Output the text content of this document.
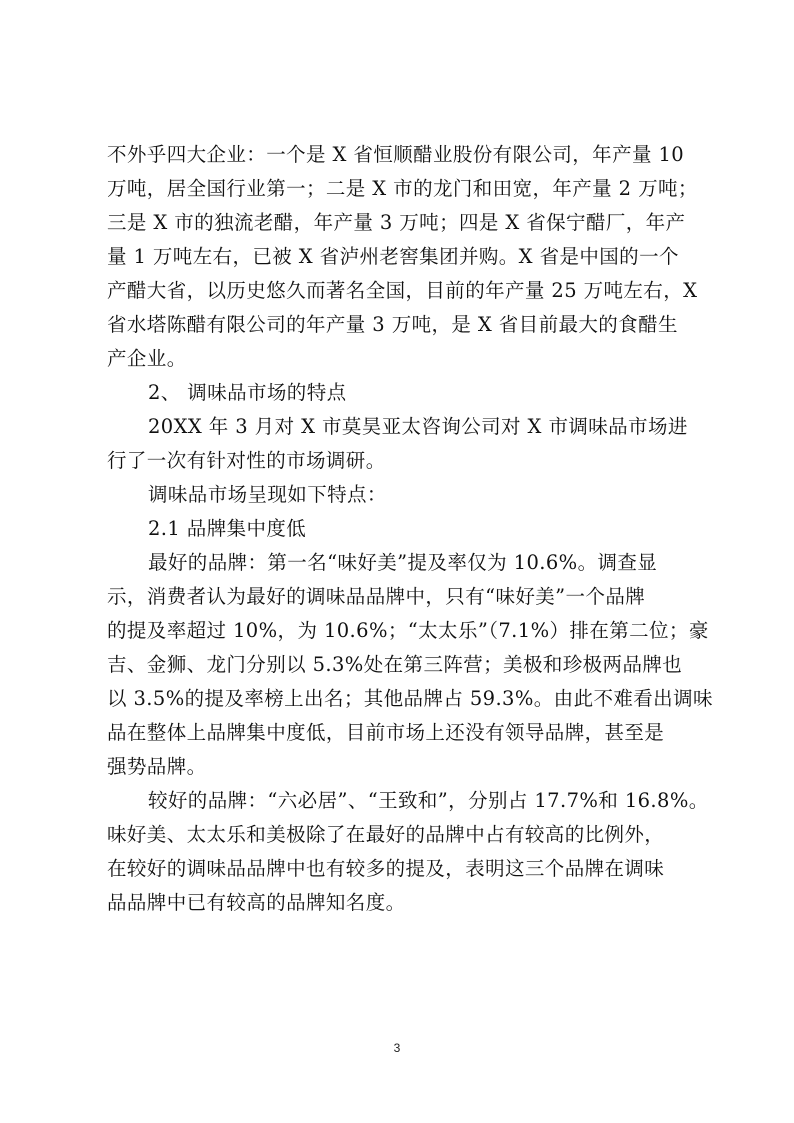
不外乎四大企业：一个是 X 省恒顺醋业股份有限公司，年产量 10
万吨，居全国行业第一；二是 X 市的龙门和田宽，年产量 2 万吨；
三是 X 市的独流老醋，年产量 3 万吨；四是 X 省保宁醋厂，年产
量 1 万吨左右，已被 X 省泸州老窖集团并购。X 省是中国的一个
产醋大省，以历史悠久而著名全国，目前的年产量 25 万吨左右，X
省水塔陈醋有限公司的年产量 3 万吨，是 X 省目前最大的食醋生
产企业。
2、 调味品市场的特点
20XX 年 3 月对 X 市莫昊亚太咨询公司对 X 市调味品市场进
行了一次有针对性的市场调研。
调味品市场呈现如下特点：
2.1 品牌集中度低
最好的品牌：第一名“味好美”提及率仅为 10.6%。调查显
示，消费者认为最好的调味品品牌中，只有“味好美”一个品牌
的提及率超过 10%，为 10.6%；“太太乐”（7.1%）排在第二位；豪
吉、金狮、龙门分别以 5.3%处在第三阵营；美极和珍极两品牌也
以 3.5%的提及率榜上出名；其他品牌占 59.3%。由此不难看出调味
品在整体上品牌集中度低，目前市场上还没有领导品牌，甚至是
强势品牌。
较好的品牌：“六必居”、“王致和”，分别占 17.7%和 16.8%。
味好美、太太乐和美极除了在最好的品牌中占有较高的比例外，
在较好的调味品品牌中也有较多的提及，表明这三个品牌在调味
品品牌中已有较高的品牌知名度。
3
